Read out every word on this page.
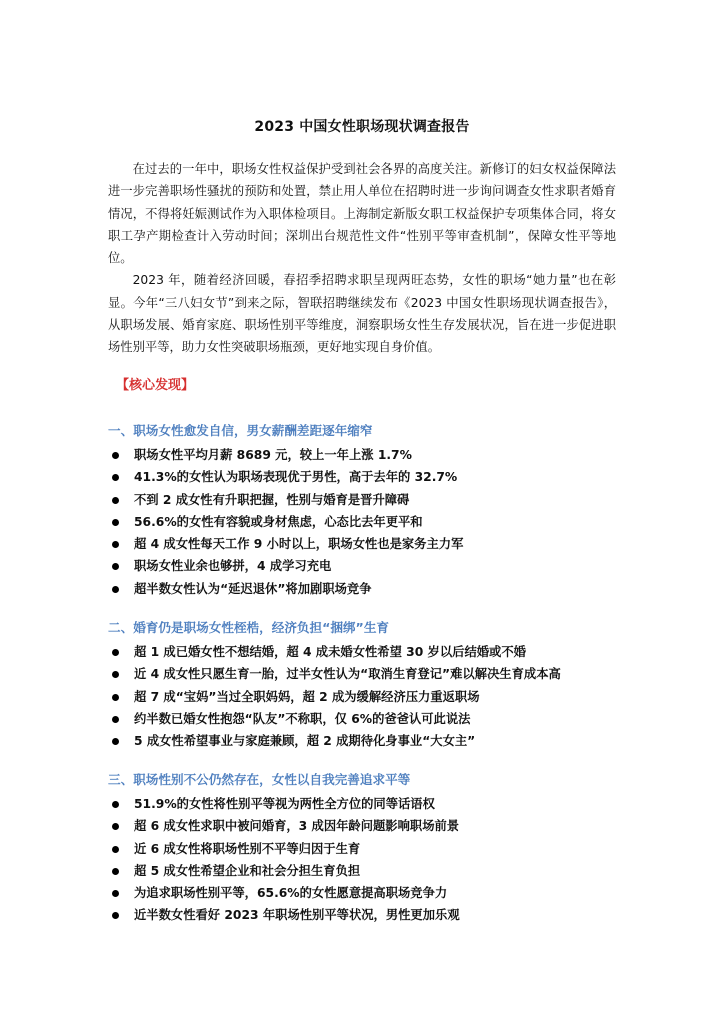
2023 中国女性职场现状调查报告

在过去的一年中，职场女性权益保护受到社会各界的高度关注。新修订的妇女权益保障法进一步完善职场性骚扰的预防和处置，禁止用人单位在招聘时进一步询问调查女性求职者婚育情况，不得将妊娠测试作为入职体检项目。上海制定新版女职工权益保护专项集体合同，将女职工孕产期检查计入劳动时间；深圳出台规范性文件“性别平等审查机制”，保障女性平等地位。

2023 年，随着经济回暖，春招季招聘求职呈现两旺态势，女性的职场“她力量”也在彰显。今年“三八妇女节”到来之际，智联招聘继续发布《2023 中国女性职场现状调查报告》，从职场发展、婚育家庭、职场性别平等维度，洞察职场女性生存发展状况，旨在进一步促进职场性别平等，助力女性突破职场瓶颈，更好地实现自身价值。

【核心发现】
一、职场女性愈发自信，男女薪酬差距逐年缩窄
职场女性平均月薪 8689 元，较上一年上涨 1.7%
41.3%的女性认为职场表现优于男性，高于去年的 32.7%
不到 2 成女性有升职把握，性别与婚育是晋升障碍
56.6%的女性有容貌或身材焦虑，心态比去年更平和
超 4 成女性每天工作 9 小时以上，职场女性也是家务主力军
职场女性业余也够拼，4 成学习充电
超半数女性认为“延迟退休”将加剧职场竞争
二、婚育仍是职场女性桎梏，经济负担“捆绑”生育
超 1 成已婚女性不想结婚，超 4 成未婚女性希望 30 岁以后结婚或不婚
近 4 成女性只愿生育一胎，过半女性认为“取消生育登记”难以解决生育成本高
超 7 成“宝妈”当过全职妈妈，超 2 成为缓解经济压力重返职场
约半数已婚女性抱怨“队友”不称职，仅 6%的爸爸认可此说法
5 成女性希望事业与家庭兼顾，超 2 成期待化身事业“大女主”
三、职场性别不公仍然存在，女性以自我完善追求平等
51.9%的女性将性别平等视为两性全方位的同等话语权
超 6 成女性求职中被问婚育，3 成因年龄问题影响职场前景
近 6 成女性将职场性别不平等归因于生育
超 5 成女性希望企业和社会分担生育负担
为追求职场性别平等，65.6%的女性愿意提高职场竞争力
近半数女性看好 2023 年职场性别平等状况，男性更加乐观
